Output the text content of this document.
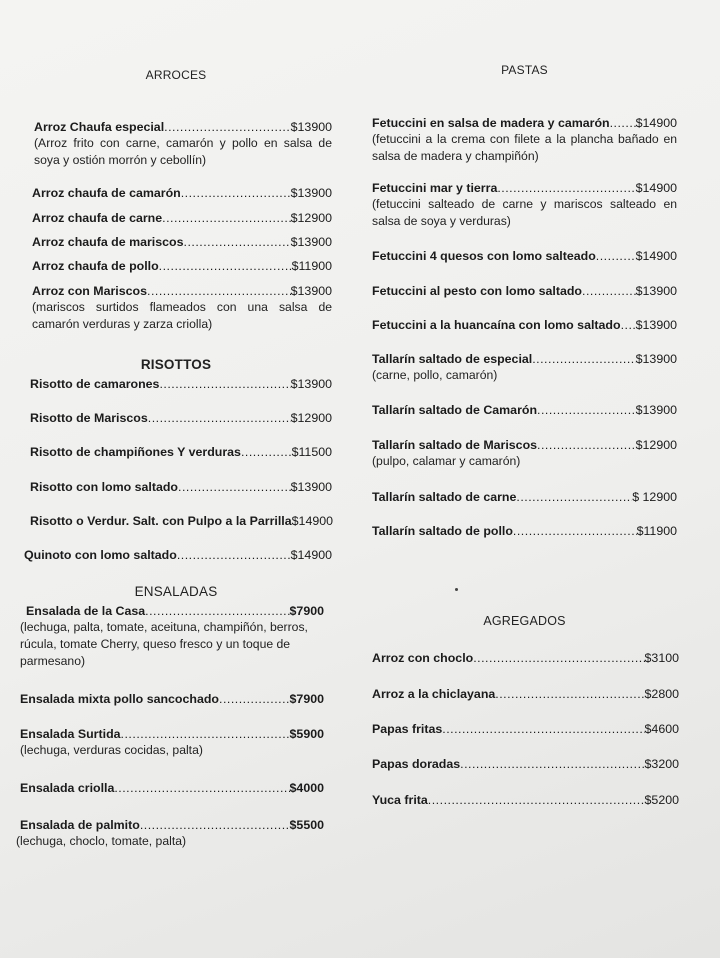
ARROCES
Arroz Chaufa especial .....	$13900
(Arroz frito con carne, camarón y pollo en salsa de soya y ostión morrón y cebollín)
Arroz chaufa de camarón .....	$13900
Arroz chaufa de carne .....	$12900
Arroz chaufa de mariscos .....	$13900
Arroz chaufa de pollo .....	$11900
Arroz con Mariscos .....	$13900
(mariscos surtidos flameados con una salsa de camarón verduras y zarza criolla)
RISOTTOS
Risotto de camarones .....	$13900
Risotto de Mariscos .....	$12900
Risotto de champiñones Y verduras .....	$11500
Risotto con lomo saltado .....	$13900
Risotto o Verdur. Salt. con Pulpo a la Parrilla $14900
Quinoto con lomo saltado .....	$14900
ENSALADAS
Ensalada de la Casa .....	$7900
(lechuga, palta, tomate, aceituna, champiñón, berros, rúcula, tomate Cherry, queso fresco y un toque de parmesano)
Ensalada mixta pollo sancochado .....	$7900
Ensalada Surtida .....	$5900
(lechuga, verduras cocidas, palta)
Ensalada criolla .....	$4000
Ensalada de palmito .....	$5500
(lechuga, choclo, tomate, palta)
PASTAS
Fetuccini en salsa de madera y camarón ..... $14900
(fetuccini a la crema con filete a la plancha bañado en salsa de madera y champiñón)
Fetuccini mar y tierra .....	$14900
(fetuccini salteado de carne y mariscos salteado en salsa de soya y verduras)
Fetuccini 4 quesos con lomo salteado .....	$14900
Fetuccini al pesto con lomo saltado .....	$13900
Fetuccini a la huancaína con lomo saltado ..... $13900
Tallarín saltado de especial .....	$13900
(carne, pollo, camarón)
Tallarín saltado de Camarón .....	$13900
Tallarín saltado de Mariscos .....	$12900
(pulpo, calamar y camarón)
Tallarín saltado de carne .....	$ 12900
Tallarín saltado de pollo .....	$11900
AGREGADOS
Arroz con choclo .....	$3100
Arroz a la chiclayana .....	$2800
Papas fritas .....	$4600
Papas doradas .....	$3200
Yuca frita .....	$5200
